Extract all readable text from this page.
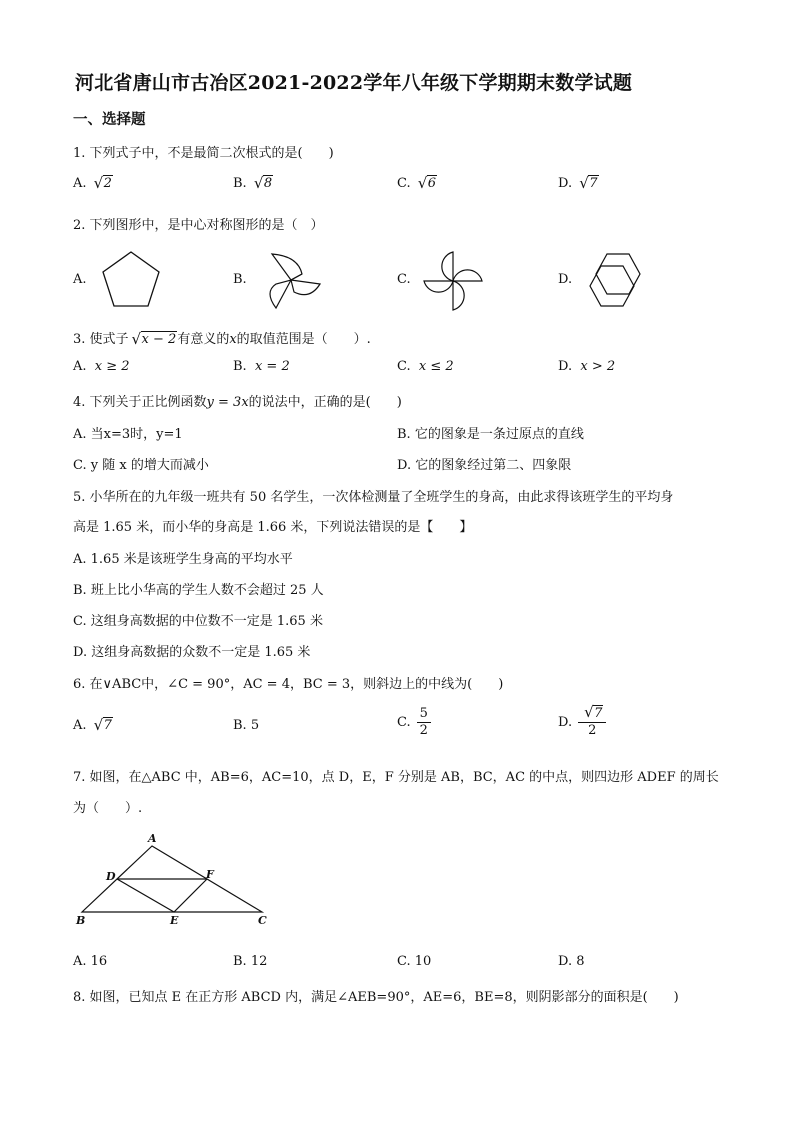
河北省唐山市古冶区2021-2022学年八年级下学期期末数学试题
一、选择题
1. 下列式子中，不是最简二次根式的是(　　)
A. √ 2	B. √ 8	C. √ 6	D. √ 7
2. 下列图形中，是中心对称图形的是（　）
A.	B.	C.	D.
3. 使式子 √ x − 2有意义的x的取值范围是（　　）.
A. x ≥ 2	B. x = 2	C. x ≤ 2	D. x > 2
4. 下列关于正比例函数y = 3x的说法中，正确的是(　　)
A. 当x=3时，y=1	B. 它的图象是一条过原点的直线
C. y 随 x 的增大而减小	D. 它的图象经过第二、四象限
5. 小华所在的九年级一班共有 50 名学生，一次体检测量了全班学生的身高，由此求得该班学生的平均身
高是 1.65 米，而小华的身高是 1.66 米，下列说法错误的是【　　】
A. 1.65 米是该班学生身高的平均水平
B. 班上比小华高的学生人数不会超过 25 人
C. 这组身高数据的中位数不一定是 1.65 米
D. 这组身高数据的众数不一定是 1.65 米
6. 在∨ABC中，∠C = 90°，AC = 4，BC = 3，则斜边上的中线为(　　)
A. √ 7	B. 5	C. $\frac{5}{2}$	D. $\frac{√ 7}{2}$
7. 如图，在△ABC 中，AB=6，AC=10，点 D，E，F 分别是 AB，BC，AC 的中点，则四边形 ADEF 的周长
为（　　）.
A
B	C
D
E
F
A. 16	B. 12	C. 10	D. 8
8. 如图，已知点 E 在正方形 ABCD 内，满足∠AEB=90°，AE=6，BE=8，则阴影部分的面积是(　　)
